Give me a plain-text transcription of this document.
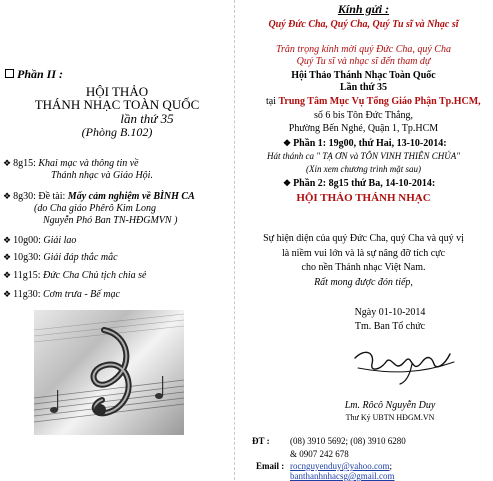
Phần II :
HỘI THẢO
THÁNH NHẠC TOÀN QUỐC
lần thứ 35
(Phòng B.102)
❖ 8g15: Khai mạc và thông tin về
Thánh nhạc và Giáo Hội.
❖ 8g30: Đề tài: Mấy cảm nghiệm về BÌNH CA
(do Cha giáo Phêrô Kim Long
Nguyễn Phó Ban TN-HĐGMVN )
❖ 10g00: Giải lao
❖ 10g30: Giải đáp thắc mắc
❖ 11g15: Đức Cha Chủ tịch chia sẻ
❖ 11g30: Cơm trưa - Bế mạc
Kính gửi :
Quý Đức Cha, Quý Cha, Quý Tu sĩ và Nhạc sĩ
Trân trọng kính mời quý Đức Cha, quý Cha
Quý Tu sĩ và nhạc sĩ đến tham dự
Hội Thảo Thánh Nhạc Toàn Quốc
Lần thứ 35
tại Trung Tâm Mục Vụ Tổng Giáo Phận Tp.HCM,
số 6 bis Tôn Đức Thắng,
Phường Bến Nghé, Quận 1, Tp.HCM
❖ Phần 1: 19g00, thứ Hai, 13-10-2014:
Hát thánh ca " TẠ ƠN và TÔN VINH THIÊN CHÚA"
(Xin xem chương trình mặt sau)
❖ Phần 2: 8g15 thứ Ba, 14-10-2014:
HỘI THẢO THÁNH NHẠC
Sự hiện diện của quý Đức Cha, quý Cha và quý vị
là niềm vui lớn và là sự nâng đỡ tích cực
cho nền Thánh nhạc Việt Nam.
Rất mong được đón tiếp,
Ngày 01-10-2014
Tm. Ban Tổ chức
Lm. Rôcô Nguyễn Duy
Thư Ký UBTN HĐGM.VN
ĐT : (08) 3910 5692; (08) 3910 6280
& 0907 242 678
Email : rocnguyenduy@yahoo.com;
banthanhnhacsg@gmail.com
